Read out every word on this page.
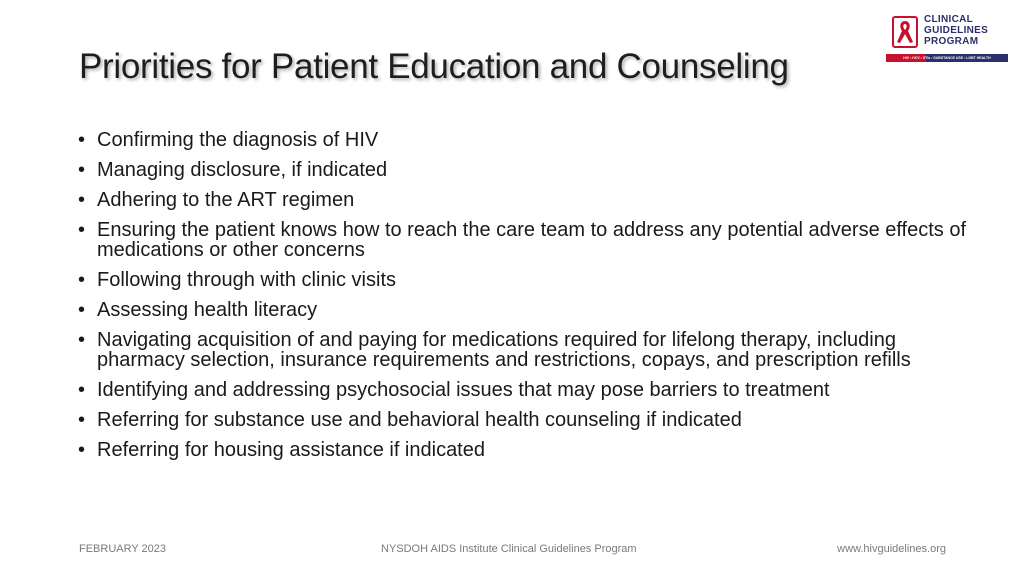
Priorities for Patient Education and Counseling
CLINICAL
GUIDELINES
PROGRAM
HIV • HCV • STIs • SUBSTANCE USE • LGBT HEALTH
• Confirming the diagnosis of HIV
• Managing disclosure, if indicated
• Adhering to the ART regimen
• Ensuring the patient knows how to reach the care team to address any potential adverse effects of medications or other concerns
• Following through with clinic visits
• Assessing health literacy
• Navigating acquisition of and paying for medications required for lifelong therapy, including pharmacy selection, insurance requirements and restrictions, copays, and prescription refills
• Identifying and addressing psychosocial issues that may pose barriers to treatment
• Referring for substance use and behavioral health counseling if indicated
• Referring for housing assistance if indicated
FEBRUARY 2023	NYSDOH AIDS Institute Clinical Guidelines Program	www.hivguidelines.org
